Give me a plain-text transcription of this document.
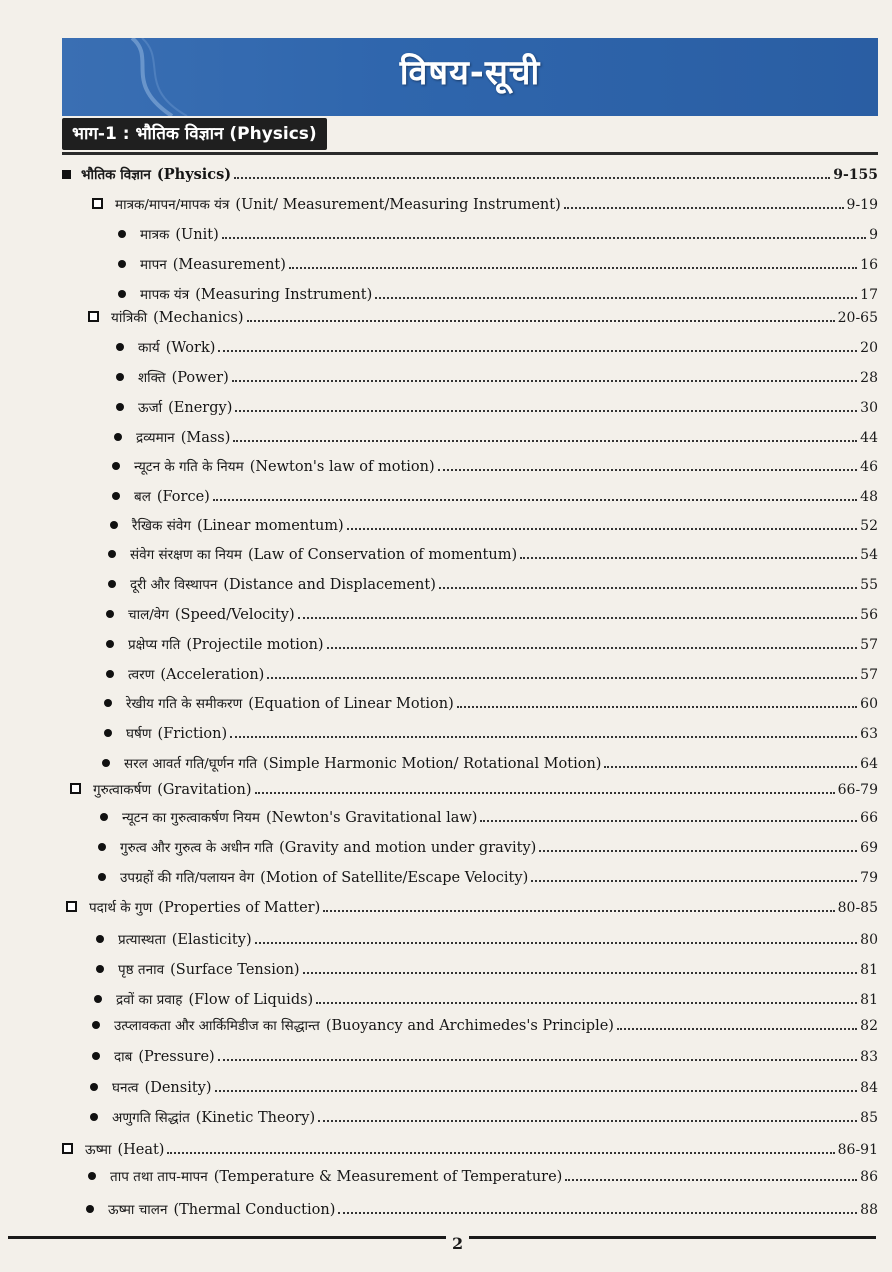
विषय-सूची
भाग-1 : भौतिक विज्ञान (Physics)
भौतिक विज्ञान (Physics)	9-155
मात्रक/मापन/मापक यंत्र (Unit/ Measurement/Measuring Instrument)	9-19
मात्रक (Unit)	9
मापन (Measurement)	16
मापक यंत्र (Measuring Instrument)	17
यांत्रिकी (Mechanics)	20-65
कार्य (Work)	20
शक्ति (Power)	28
ऊर्जा (Energy)	30
द्रव्यमान (Mass)	44
न्यूटन के गति के नियम (Newton's law of motion)	46
बल (Force)	48
रैखिक संवेग (Linear momentum)	52
संवेग संरक्षण का नियम (Law of Conservation of momentum)	54
दूरी और विस्थापन (Distance and Displacement)	55
चाल/वेग (Speed/Velocity)	56
प्रक्षेप्य गति (Projectile motion)	57
त्वरण (Acceleration)	57
रेखीय गति के समीकरण (Equation of Linear Motion)	60
घर्षण (Friction)	63
सरल आवर्त गति/घूर्णन गति (Simple Harmonic Motion/ Rotational Motion)	64
गुरुत्वाकर्षण (Gravitation)	66-79
न्यूटन का गुरुत्वाकर्षण नियम (Newton's Gravitational law)	66
गुरुत्व और गुरुत्व के अधीन गति (Gravity and motion under gravity)	69
उपग्रहों की गति/पलायन वेग (Motion of Satellite/Escape Velocity)	79
पदार्थ के गुण (Properties of Matter)	80-85
प्रत्यास्थता (Elasticity)	80
पृष्ठ तनाव (Surface Tension)	81
द्रवों का प्रवाह (Flow of Liquids)	81
उत्प्लावकता और आर्किमिडीज का सिद्धान्त (Buoyancy and Archimedes's Principle)	82
दाब (Pressure)	83
घनत्व (Density)	84
अणुगति सिद्धांत (Kinetic Theory)	85
ऊष्मा (Heat)	86-91
ताप तथा ताप-मापन (Temperature & Measurement of Temperature)	86
ऊष्मा चालन (Thermal Conduction)	88
2
